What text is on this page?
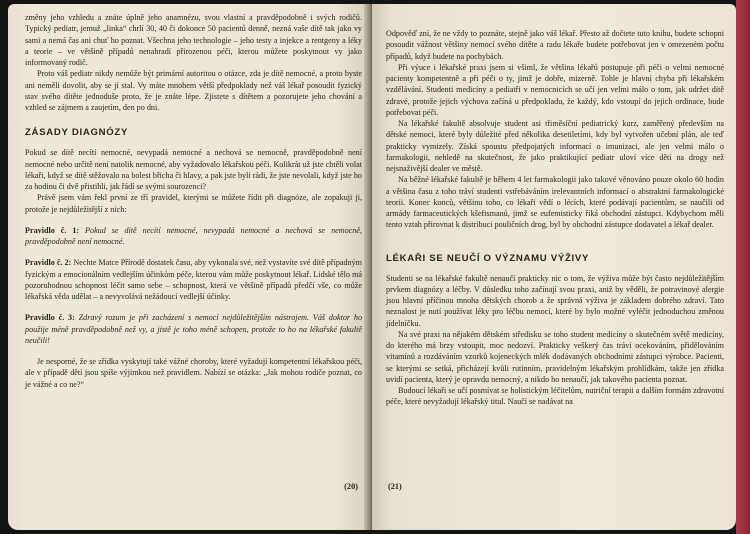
změny jeho vzhledu a znáte úplně jeho anamnézu, svou vlastní a pravděpodobně i svých rodičů. Typický pediatr, jemuž „linka“ chrlí 30, 40 či dokonce 50 pacientů denně, nezná vaše dítě tak jako vy sami a nemá čas ani chuť ho poznat. Všechna jeho technologie – jeho testy a injekce a rentgeny a léky a teorie – ve většině případů nenahradí přirozenou péči, kterou můžete poskytnout vy jako informovaný rodič.

Proto váš pediatr nikdy nemůže být primární autoritou o otázce, zda je dítě nemocné, a proto byste ani neměli dovolit, aby se jí stal. Vy máte mnohem větší předpoklady než váš lékař posoudit fyzický stav svého dítěte jednoduše proto, že je znáte lépe. Zjistete s dítětem a pozorujete jeho chování a vzhled se zájmem a zaujetím, den po dni.

ZÁSADY DIAGNÓZY

Pokud se dítě necítí nemocné, nevypadá nemocné a nechová se nemocně, pravděpodobně není nemocné nebo určitě není natolik nemocné, aby vyžadovalo lékařskou péči. Kolikrát už jste chtěli volat lékaři, když se dítě stěžovalo na bolest břicha či hlavy, a pak jste byli rádi, že jste nevolali, když jste ho za hodinu či dvě přistihli, jak řádí se svými sourozenci?

Právě jsem vám řekl první ze tří pravidel, kterými se můžete řídit při diagnóze, ale zopakuji ji, protože je nejdůležitější z nich:

Pravidlo č. 1: Pokud se dítě necítí nemocné, nevypadá nemocné a nechová se nemocně, pravděpodobně není nemocné.

Pravidlo č. 2: Nechte Matce Přírodě dostatek času, aby vykonala své, než vystavíte své dítě případným fyzickým a emocionálním vedlejším účinkům péče, kterou vám může poskytnout lékař. Lidské tělo má pozoruhodnou schopnost léčit samo sebe – schopnost, která ve většině případů předčí vše, co může lékařská věda udělat – a nevyvolává nežádoucí vedlejší účinky.

Pravidlo č. 3: Zdravý rozum je při zacházení s nemocí nejdůležitějším nástrojem. Váš doktor ho použije méně pravděpodobně než vy, a jistě je toho méně schopen, protože to ho na lékařské fakultě neučili!

Je nesporné, že se zřídka vyskytují také vážné choroby, které vyžadují kompetentní lékařskou péči, ale v případě dětí jsou spíše výjimkou než pravidlem. Nabízí se otázka: „Jak mohou rodiče poznat, co je vážné a co ne?“

(20)

Odpověď zní, že ne vždy to poznáte, stejně jako váš lékař. Přesto až dočtete tuto knihu, budete schopni posoudit vážnost většiny nemocí svého dítěte a radu lékaře budete potřebovat jen v omezeném počtu případů, když budete na pochybách.

Při výuce i lékařské praxi jsem si všiml, že většina lékařů postupuje při péči o velmi nemocné pacienty kompetentně a při péči o ty, jimž je dobře, mizerně. Tohle je hlavní chyba při lékařském vzdělávání. Studenti medicíny a pediatři v nemocnicích se učí jen velmi málo o tom, jak udržet dítě zdravé, protože jejich výchova začíná u předpokladu, že každý, kdo vstoupí do jejich ordinace, bude potřebovat péči.

Na lékařské fakultě absolvuje student asi třiměsíční pediatrický kurz, zaměřený především na dětské nemoci, které byly důležité před několika desetiletími, kdy byl vytvořen učební plán, ale teď prakticky vymizely. Získá spoustu předpojatých informací o imunizaci, ale jen velmi málo o farmakologii, nehledě na skutečnost, že jako praktikující pediatr uloví více dětí na drogy než nejsnaživější dealer ve městě.

Na běžné lékařské fakultě je během 4 let farmakologii jako takové věnováno pouze okolo 60 hodin a většina času z toho tráví studenti vstřebáváním irelevantních informací o abstraktní farmakologické teorii. Konec konců, většinu toho, co lékaři vědí o lécích, které podávají pacientům, se naučili od armády farmaceutických kšeftsmanů, jimž se eufemisticky říká obchodní zástupci. Kdybychom měli tento vztah přirovnat k distribuci pouličních drog, byl by obchodní zástupce dodavatel a lékař dealer.

LÉKAŘI SE NEUČÍ O VÝZNAMU VÝŽIVY

Studenti se na lékařské fakultě nenaučí prakticky nic o tom, že výživa může být často nejdůležitějším prvkem diagnózy a léčby. V důsledku toho začínají svou praxi, aniž by věděli, že potravinové alergie jsou hlavní příčinou mnoha dětských chorob a že správná výživa je základem dobrého zdraví. Tato neznalost je nutí používat léky pro léčbu nemocí, které by bylo možné vyléčit jednoduchou změnou jídelníčku.

Na své praxi na nějakém dětském středisku se toho student medicíny o skutečném světě medicíny, do kterého má brzy vstoupit, moc nedozví. Prakticky veškerý čas tráví ocekováním, přidělováním vitamínů a rozdáváním vzorků kojeneckých mlék dodávaných obchodními zástupci výrobce. Pacienti, se kterými se setká, přicházejí kvůli rutinním, pravidelným lékařským prohlídkám, takže jen zřídka uvidí pacienta, který je opravdu nemocný, a nikdo ho nenaučí, jak takového pacienta poznat.

Budoucí lékaři se učí posmívat se holistickým léčitelům, nutriční terapii a dalším formám zdravotní péče, které nevyžadují lékařský titul. Naučí se nadávat na

(21)
